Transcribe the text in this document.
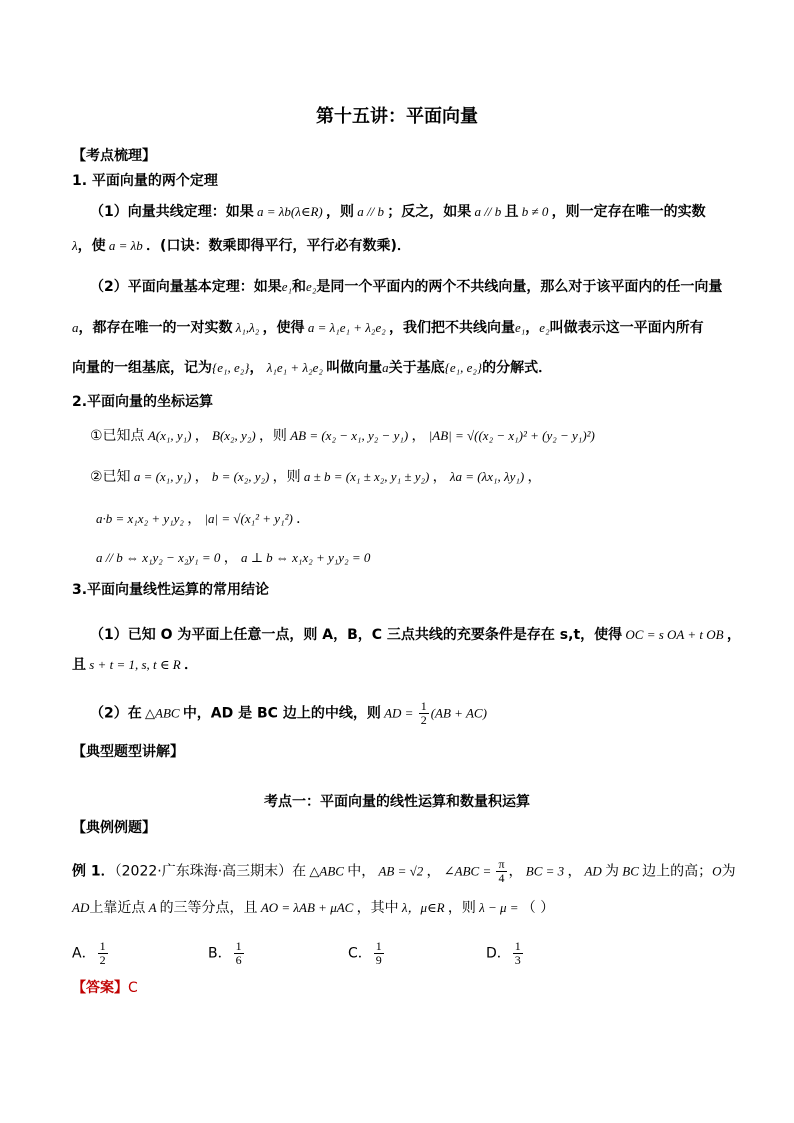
第十五讲：平面向量
【考点梳理】
1. 平面向量的两个定理
（1）向量共线定理：如果 a = λb(λ∈R) ，则 a // b ；反之，如果 a // b 且 b ≠ 0 ，则一定存在唯一的实数
λ，使 a = λb ．(口诀：数乘即得平行，平行必有数乘)．
（2）平面向量基本定理：如果e₁和e₂是同一个平面内的两个不共线向量，那么对于该平面内的任一向量
a，都存在唯一的一对实数 λ₁,λ₂ ，使得 a = λ₁e₁ + λ₂e₂ ，我们把不共线向量e₁，e₂叫做表示这一平面内所有
向量的一组基底，记为{e₁, e₂}， λ₁e₁ + λ₂e₂ 叫做向量a关于基底{e₁, e₂}的分解式．
2.平面向量的坐标运算
①已知点 A(x₁, y₁) ， B(x₂, y₂) ，则 AB = (x₂ − x₁, y₂ − y₁) ， |AB| = √((x₂ − x₁)² + (y₂ − y₁)²)
②已知 a = (x₁, y₁) ， b = (x₂, y₂) ，则 a ± b = (x₁ ± x₂, y₁ ± y₂) ， λa = (λx₁, λy₁) ，
a·b = x₁x₂ + y₁y₂ ， |a| = √(x₁² + y₁²) ．
a // b ⇔ x₁y₂ − x₂y₁ = 0 ， a ⊥ b ⇔ x₁x₂ + y₁y₂ = 0
3.平面向量线性运算的常用结论
（1）已知 O 为平面上任意一点，则 A，B，C 三点共线的充要条件是存在 s,t，使得 OC = s OA + t OB ，
且 s + t = 1, s, t ∈ R ．
（2）在 △ABC 中，AD 是 BC 边上的中线，则 AD = $\frac{1}{2} (AB + AC)$
【典型题型讲解】
考点一：平面向量的线性运算和数量积运算
【典例例题】
例 1．（2022·广东珠海·高三期末）在 △ABC 中， AB = √2 ， ∠ABC = $\frac{\pi}{4}$ ， BC = 3 ， AD 为 BC 边上的高；O为
AD上靠近点 A 的三等分点，且 AO = λAB + μAC ，其中 λ，μ∈R ，则 λ − μ = （ ）
A． $\frac{1}{2}$	B． $\frac{1}{6}$	C． $\frac{1}{9}$	D． $\frac{1}{3}$
【答案】C
